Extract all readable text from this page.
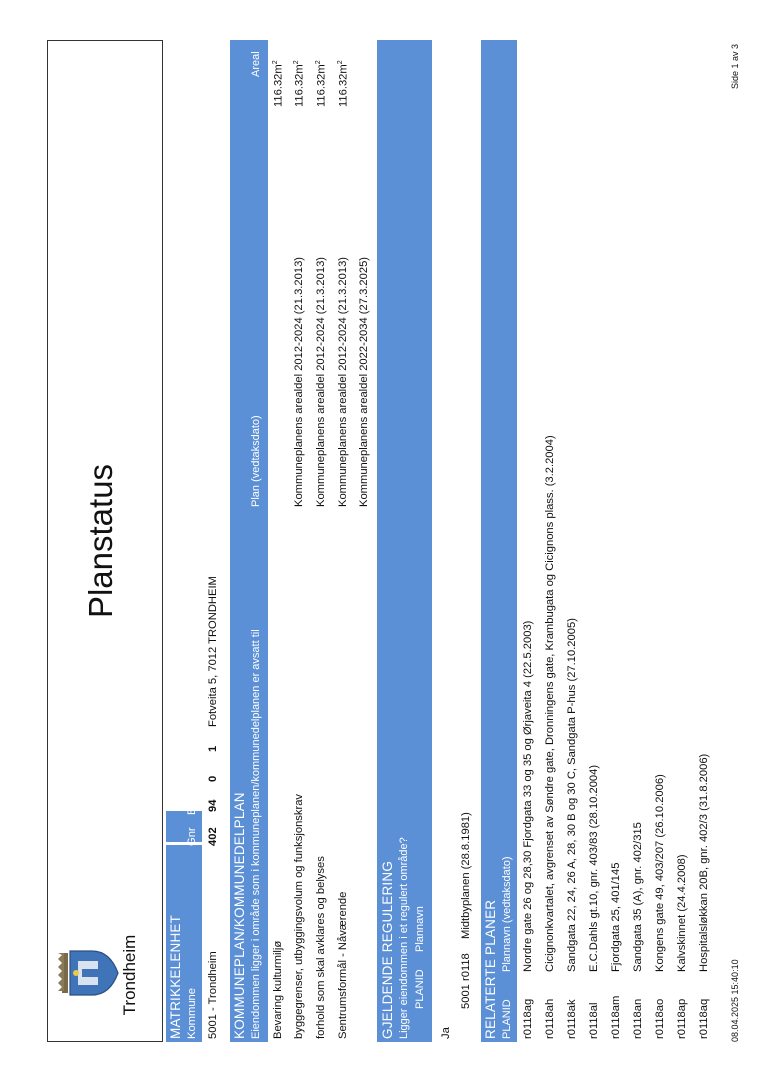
Trondheim
Planstatus
MATRIKKELENHET Kommune
Gnr
Bnr
Fnr
Snr
Adresse
5001 - Trondheim
402
94
0
1
Fotveita 5, 7012 TRONDHEIM
KOMMUNEPLAN/KOMMUNEDELPLAN Eiendommen ligger i område som i kommuneplanen/kommunedelplanen er avsatt til
Plan (vedtaksdato)
Areal
Bevaring kulturmiljø
$116.32m^2$
byggegrenser, utbyggingsvolum og funksjonskrav
Kommuneplanens arealdel 2012-2024 (21.3.2013)
$116.32m^2$
forhold som skal avklares og belyses
Kommuneplanens arealdel 2012-2024 (21.3.2013)
$116.32m^2$
Sentrumsformål - Nåværende
Kommuneplanens arealdel 2012-2024 (21.3.2013)
$116.32m^2$
Kommuneplanens arealdel 2022-2034 (27.3.2025)
GJELDENDE REGULERING Ligger eiendommen i et regulert område? PLANID
Plannavn
Ja
5001 r0118
Midtbyplanen (28.8.1981)
RELATERTE PLANER PLANID
Plannavn (vedtaksdato)
r0118ag
Nordre gate 26 og 28,30 Fjordgata 33 og 35 og Ørjaveita 4 (22.5.2003)
r0118ah
Cicignonkvartalet, avgrenset av Søndre gate, Dronningens gate, Krambugata og Cicignons plass. (3.2.2004)
r0118ak
Sandgata 22, 24, 26 A, 28, 30 B og 30 C, Sandgata P-hus (27.10.2005)
r0118al
E.C.Dahls gt.10, gnr. 403/83 (28.10.2004)
r0118am
Fjordgata 25, 401/145
r0118an
Sandgata 35 (A), gnr. 402/315
r0118ao
Kongens gate 49, 403/207 (26.10.2006)
r0118ap
Kalvskinnet (24.4.2008)
r0118aq
Hospitalsløkkan 20B, gnr. 402/3 (31.8.2006)
08.04.2025 15:40:10
Side 1 av 3
